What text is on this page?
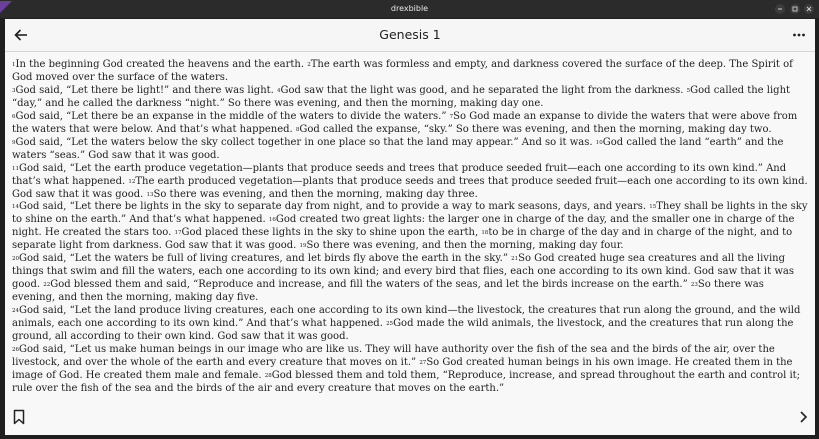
drexbible
Genesis 1

1In the beginning God created the heavens and the earth. 2The earth was formless and empty, and darkness covered the surface of the deep. The Spirit of God moved over the surface of the waters.

3God said, “Let there be light!” and there was light. 4God saw that the light was good, and he separated the light from the darkness. 5God called the light “day,” and he called the darkness “night.” So there was evening, and then the morning, making day one.

6God said, “Let there be an expanse in the middle of the waters to divide the waters.” 7So God made an expanse to divide the waters that were above from the waters that were below. And that’s what happened. 8God called the expanse, “sky.” So there was evening, and then the morning, making day two.

9God said, “Let the waters below the sky collect together in one place so that the land may appear.” And so it was. 10God called the land “earth” and the waters “seas.” God saw that it was good.

11God said, “Let the earth produce vegetation—plants that produce seeds and trees that produce seeded fruit—each one according to its own kind.” And that’s what happened. 12The earth produced vegetation—plants that produce seeds and trees that produce seeded fruit—each one according to its own kind. God saw that it was good. 13So there was evening, and then the morning, making day three.

14God said, “Let there be lights in the sky to separate day from night, and to provide a way to mark seasons, days, and years. 15They shall be lights in the sky to shine on the earth.” And that’s what happened. 16God created two great lights: the larger one in charge of the day, and the smaller one in charge of the night. He created the stars too. 17God placed these lights in the sky to shine upon the earth, 18to be in charge of the day and in charge of the night, and to separate light from darkness. God saw that it was good. 19So there was evening, and then the morning, making day four.

20God said, “Let the waters be full of living creatures, and let birds fly above the earth in the sky.” 21So God created huge sea creatures and all the living things that swim and fill the waters, each one according to its own kind; and every bird that flies, each one according to its own kind. God saw that it was good. 22God blessed them and said, “Reproduce and increase, and fill the waters of the seas, and let the birds increase on the earth.” 23So there was evening, and then the morning, making day five.

24God said, “Let the land produce living creatures, each one according to its own kind—the livestock, the creatures that run along the ground, and the wild animals, each one according to its own kind.” And that’s what happened. 25God made the wild animals, the livestock, and the creatures that run along the ground, all according to their own kind. God saw that it was good.

26God said, “Let us make human beings in our image who are like us. They will have authority over the fish of the sea and the birds of the air, over the livestock, and over the whole of the earth and every creature that moves on it.” 27So God created human beings in his own image. He created them in the image of God. He created them male and female. 28God blessed them and told them, “Reproduce, increase, and spread throughout the earth and control it; rule over the fish of the sea and the birds of the air and every creature that moves on the earth.”
